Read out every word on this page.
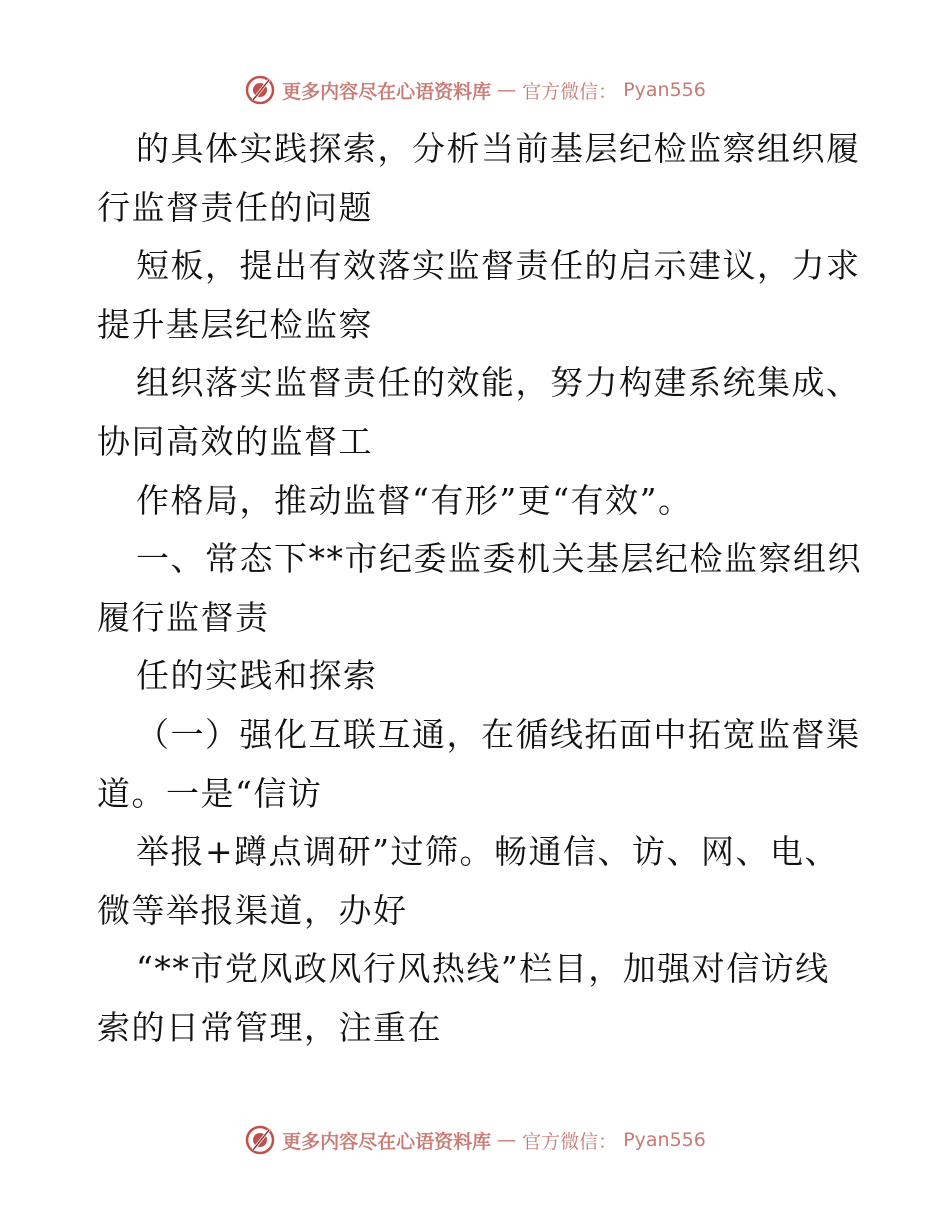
更多内容尽在心语资料库 — 官方微信： Pyan556
的具体实践探索，分析当前基层纪检监察组织履
行监督责任的问题
短板，提出有效落实监督责任的启示建议，力求
提升基层纪检监察
组织落实监督责任的效能，努力构建系统集成、
协同高效的监督工
作格局，推动监督“有形”更“有效”。
一、常态下**市纪委监委机关基层纪检监察组织
履行监督责
任的实践和探索
（一）强化互联互通，在循线拓面中拓宽监督渠
道。一是“信访
举报+蹲点调研”过筛。畅通信、访、网、电、
微等举报渠道，办好
“**市党风政风行风热线”栏目，加强对信访线
索的日常管理，注重在
更多内容尽在心语资料库 — 官方微信： Pyan556
